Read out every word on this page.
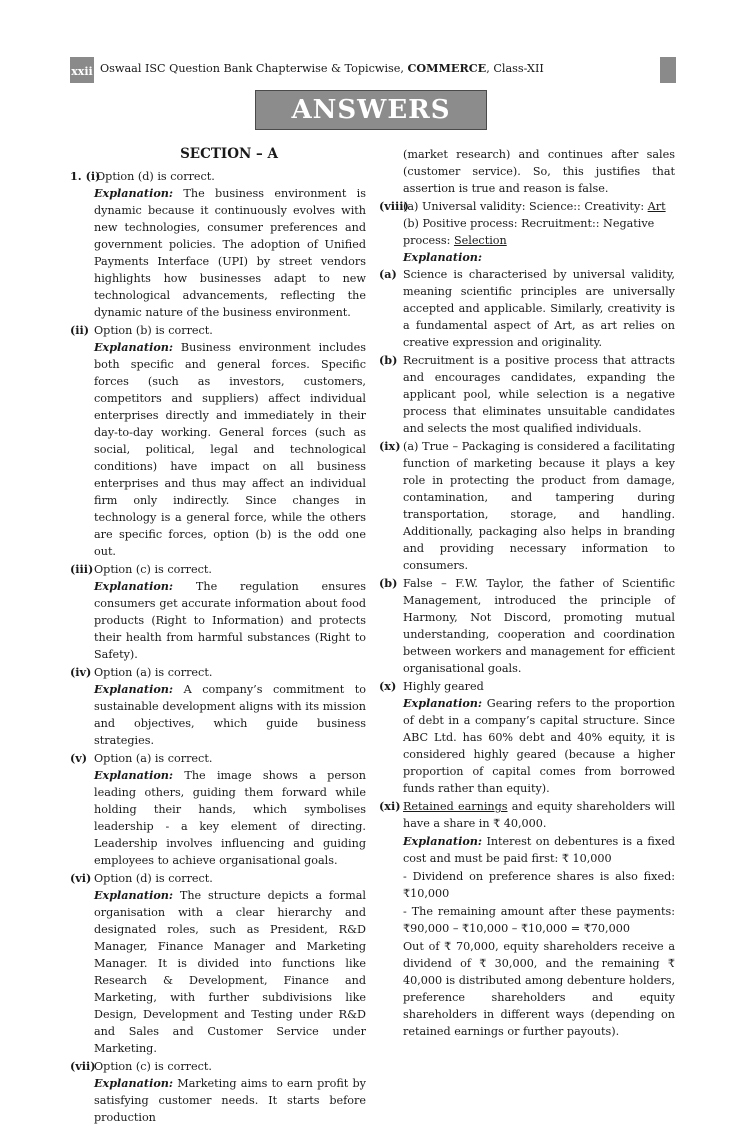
xxii Oswaal ISC Question Bank Chapterwise & Topicwise, COMMERCE, Class-XII
ANSWERS
SECTION – A
1. (i)

Option (d) is correct.

Explanation: The business environment is dynamic because it continuously evolves with new technologies, consumer preferences and government policies. The adoption of Unified Payments Interface (UPI) by street vendors highlights how businesses adapt to new technological advancements, reflecting the dynamic nature of the business environment.

(ii) Option (b) is correct.

Explanation: Business environment includes both specific and general forces. Specific forces (such as investors, customers, competitors and suppliers) affect individual enterprises directly and immediately in their day-to-day working. General forces (such as social, political, legal and technological conditions) have impact on all business enterprises and thus may affect an individual firm only indirectly. Since changes in technology is a general force, while the others are specific forces, option (b) is the odd one out.

(iii) Option (c) is correct.

Explanation: The regulation ensures consumers get accurate information about food products (Right to Information) and protects their health from harmful substances (Right to Safety).

(iv) Option (a) is correct.

Explanation: A company’s commitment to sustainable development aligns with its mission and objectives, which guide business strategies.

(v) Option (a) is correct.

Explanation: The image shows a person leading others, guiding them forward while holding their hands, which symbolises leadership - a key element of directing. Leadership involves influencing and guiding employees to achieve organisational goals.

(vi) Option (d) is correct.

Explanation: The structure depicts a formal organisation with a clear hierarchy and designated roles, such as President, R&D Manager, Finance Manager and Marketing Manager. It is divided into functions like Research & Development, Finance and Marketing, with further subdivisions like Design, Development and Testing under R&D and Sales and Customer Service under Marketing.

(vii)

Option (c) is correct.

Explanation: Marketing aims to earn profit by satisfying customer needs. It starts before production

(market research) and continues after sales (customer service). So, this justifies that assertion is true and reason is false.

(viii)

(a) Universal validity: Science:: Creativity: Art

(b) Positive process: Recruitment:: Negative process: Selection

Explanation:

(a) Science is characterised by universal validity, meaning scientific principles are universally accepted and applicable. Similarly, creativity is a fundamental aspect of Art, as art relies on creative expression and originality.

(b) Recruitment is a positive process that attracts and encourages candidates, expanding the applicant pool, while selection is a negative process that eliminates unsuitable candidates and selects the most qualified individuals.

(ix) (a) True – Packaging is considered a facilitating function of marketing because it plays a key role in protecting the product from damage, contamination, and tampering during transportation, storage, and handling. Additionally, packaging also helps in branding and providing necessary information to consumers.

(b) False – F.W. Taylor, the father of Scientific Management, introduced the principle of Harmony, Not Discord, promoting mutual understanding, cooperation and coordination between workers and management for efficient organisational goals.

(x) Highly geared

Explanation: Gearing refers to the proportion of debt in a company’s capital structure. Since ABC Ltd. has 60% debt and 40% equity, it is considered highly geared (because a higher proportion of capital comes from borrowed funds rather than equity).

(xi) Retained earnings and equity shareholders will have a share in ₹ 40,000.

Explanation: Interest on debentures is a fixed cost and must be paid first: ₹ 10,000

- Dividend on preference shares is also fixed: ₹10,000

- The remaining amount after these payments: ₹90,000 – ₹10,000 – ₹10,000 = ₹70,000

Out of ₹ 70,000, equity shareholders receive a dividend of ₹ 30,000, and the remaining ₹ 40,000 is distributed among debenture holders, preference shareholders and equity shareholders in different ways (depending on retained earnings or further payouts).
